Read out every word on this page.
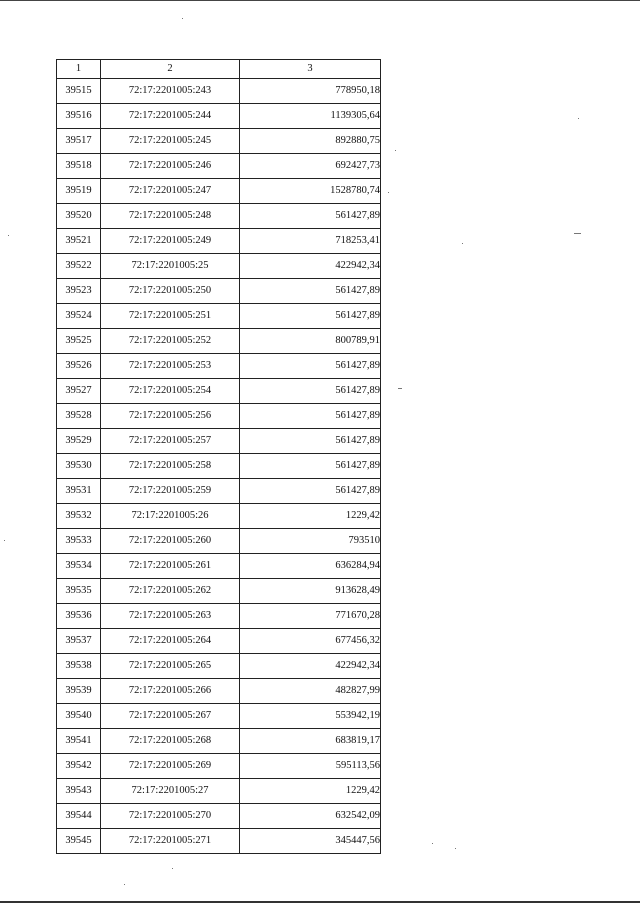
1	2	3
39515	72:17:2201005:243	778950,18
39516	72:17:2201005:244	1139305,64
39517	72:17:2201005:245	892880,75
39518	72:17:2201005:246	692427,73
39519	72:17:2201005:247	1528780,74
39520	72:17:2201005:248	561427,89
39521	72:17:2201005:249	718253,41
39522	72:17:2201005:25	422942,34
39523	72:17:2201005:250	561427,89
39524	72:17:2201005:251	561427,89
39525	72:17:2201005:252	800789,91
39526	72:17:2201005:253	561427,89
39527	72:17:2201005:254	561427,89
39528	72:17:2201005:256	561427,89
39529	72:17:2201005:257	561427,89
39530	72:17:2201005:258	561427,89
39531	72:17:2201005:259	561427,89
39532	72:17:2201005:26	1229,42
39533	72:17:2201005:260	793510
39534	72:17:2201005:261	636284,94
39535	72:17:2201005:262	913628,49
39536	72:17:2201005:263	771670,28
39537	72:17:2201005:264	677456,32
39538	72:17:2201005:265	422942,34
39539	72:17:2201005:266	482827,99
39540	72:17:2201005:267	553942,19
39541	72:17:2201005:268	683819,17
39542	72:17:2201005:269	595113,56
39543	72:17:2201005:27	1229,42
39544	72:17:2201005:270	632542,09
39545	72:17:2201005:271	345447,56
